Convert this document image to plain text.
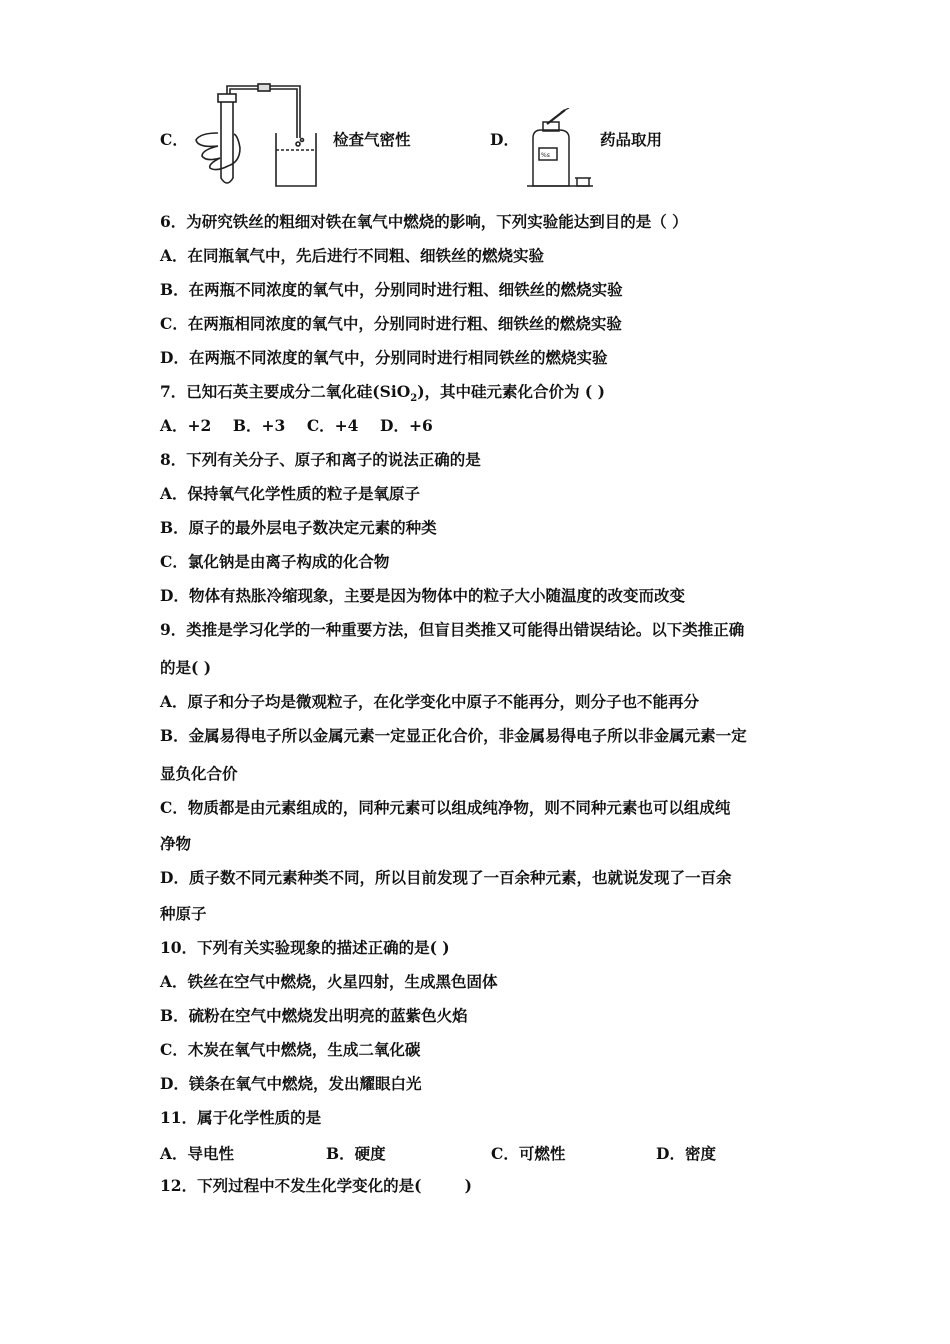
C．	检查气密性	D．
%s
药品取用
6．为研究铁丝的粗细对铁在氧气中燃烧的影响，下列实验能达到目的是（ ）
A．在同瓶氧气中，先后进行不同粗、细铁丝的燃烧实验
B．在两瓶不同浓度的氧气中，分别同时进行粗、细铁丝的燃烧实验
C．在两瓶相同浓度的氧气中，分别同时进行粗、细铁丝的燃烧实验
D．在两瓶不同浓度的氧气中，分别同时进行相同铁丝的燃烧实验
7．已知石英主要成分二氧化硅(SiO$_2$)，其中硅元素化合价为 ( )
A．+2    B．+3    C．+4    D．+6
8．下列有关分子、原子和离子的说法正确的是
A．保持氧气化学性质的粒子是氧原子
B．原子的最外层电子数决定元素的种类
C．氯化钠是由离子构成的化合物
D．物体有热胀冷缩现象，主要是因为物体中的粒子大小随温度的改变而改变
9．类推是学习化学的一种重要方法，但盲目类推又可能得出错误结论。以下类推正确
的是( )
A．原子和分子均是微观粒子，在化学变化中原子不能再分，则分子也不能再分
B．金属易得电子所以金属元素一定显正化合价，非金属易得电子所以非金属元素一定
显负化合价
C．物质都是由元素组成的，同种元素可以组成纯净物，则不同种元素也可以组成纯
净物
D．质子数不同元素种类不同，所以目前发现了一百余种元素，也就说发现了一百余
种原子
10．下列有关实验现象的描述正确的是( )
A．铁丝在空气中燃烧，火星四射，生成黑色固体
B．硫粉在空气中燃烧发出明亮的蓝紫色火焰
C．木炭在氧气中燃烧，生成二氧化碳
D．镁条在氧气中燃烧，发出耀眼白光
11．属于化学性质的是
A．导电性	B．硬度	C．可燃性	D．密度
12．下列过程中不发生化学变化的是(        )
